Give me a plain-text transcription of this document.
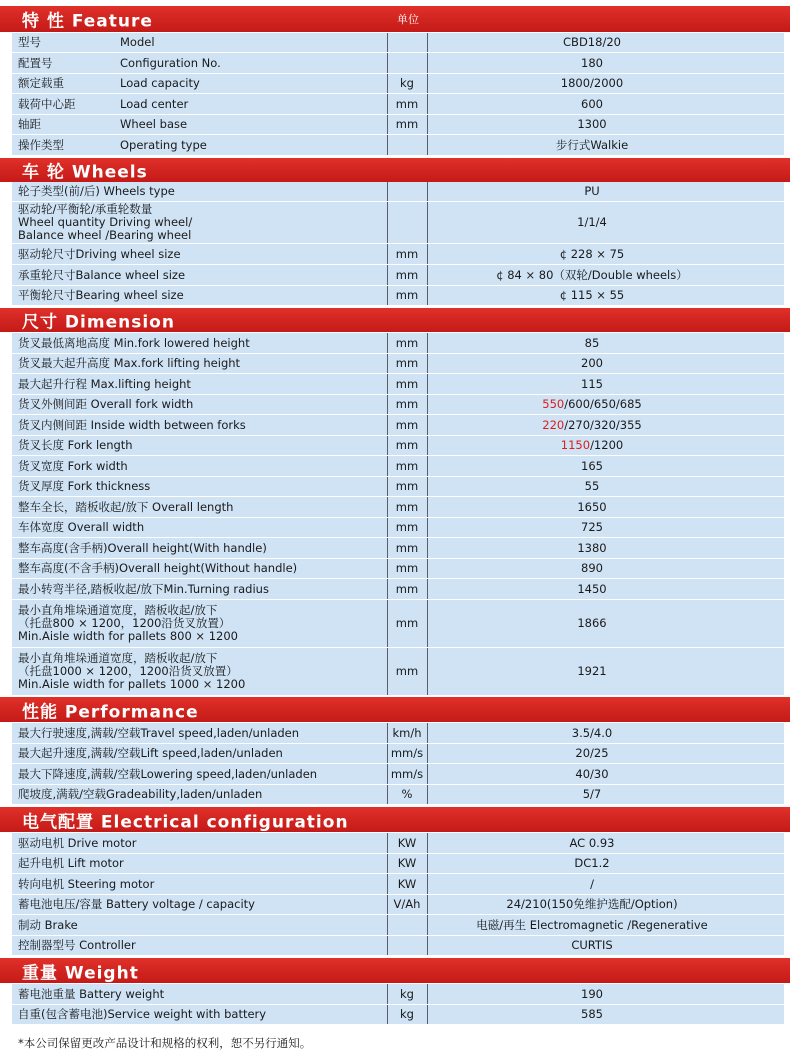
特 性 Feature	单位
型号	Model	CBD18/20
配置号	Configuration No.	180
额定载重	Load capacity	kg	1800/2000
载荷中心距	Load center	mm	600
轴距	Wheel base	mm	1300
操作类型	Operating type	步行式Walkie
车 轮 Wheels
轮子类型(前/后) Wheels type	PU
驱动轮/平衡轮/承重轮数量
Wheel quantity Driving wheel/
Balance wheel /Bearing wheel
1/1/4
驱动轮尺寸Driving wheel size	mm	¢ 228 × 75
承重轮尺寸Balance wheel size	mm	¢ 84 × 80（双轮/Double wheels）
平衡轮尺寸Bearing wheel size	mm	¢ 115 × 55
尺寸 Dimension
货叉最低离地高度 Min.fork lowered height	mm	85
货叉最大起升高度 Max.fork lifting height	mm	200
最大起升行程 Max.lifting height	mm	115
货叉外侧间距 Overall fork width	mm	550 /600/650/685
货叉内侧间距 Inside width between forks	mm	220 /270/320/355
货叉长度 Fork length	mm	1150 /1200
货叉宽度 Fork width	mm	165
货叉厚度 Fork thickness	mm	55
整车全长，踏板收起/放下 Overall length	mm	1650
车体宽度 Overall width	mm	725
整车高度(含手柄)Overall height(With handle)	mm	1380
整车高度(不含手柄)Overall height(Without handle)	mm	890
最小转弯半径,踏板收起/放下Min.Turning radius	mm	1450
最小直角堆垛通道宽度，踏板收起/放下
（托盘800 × 1200，1200沿货叉放置）
Min.Aisle width for pallets 800 × 1200
mm	1866
最小直角堆垛通道宽度，踏板收起/放下
（托盘1000 × 1200，1200沿货叉放置）
Min.Aisle width for pallets 1000 × 1200
mm	1921
性能 Performance
最大行驶速度,满载/空载Travel speed,laden/unladen	km/h	3.5/4.0
最大起升速度,满载/空载Lift speed,laden/unladen	mm/s	20/25
最大下降速度,满载/空载Lowering speed,laden/unladen	mm/s	40/30
爬坡度,满载/空载Gradeability,laden/unladen	%	5/7
电气配置 Electrical configuration
驱动电机 Drive motor	KW	AC 0.93
起升电机 Lift motor	KW	DC1.2
转向电机 Steering motor	KW	/
蓄电池电压/容量 Battery voltage / capacity	V/Ah	24/210(150免维护选配/Option)
制动 Brake	电磁/再生 Electromagnetic /Regenerative
控制器型号 Controller	CURTIS
重量 Weight
蓄电池重量 Battery weight	kg	190
自重(包含蓄电池)Service weight with battery	kg	585
*本公司保留更改产品设计和规格的权利，恕不另行通知。
